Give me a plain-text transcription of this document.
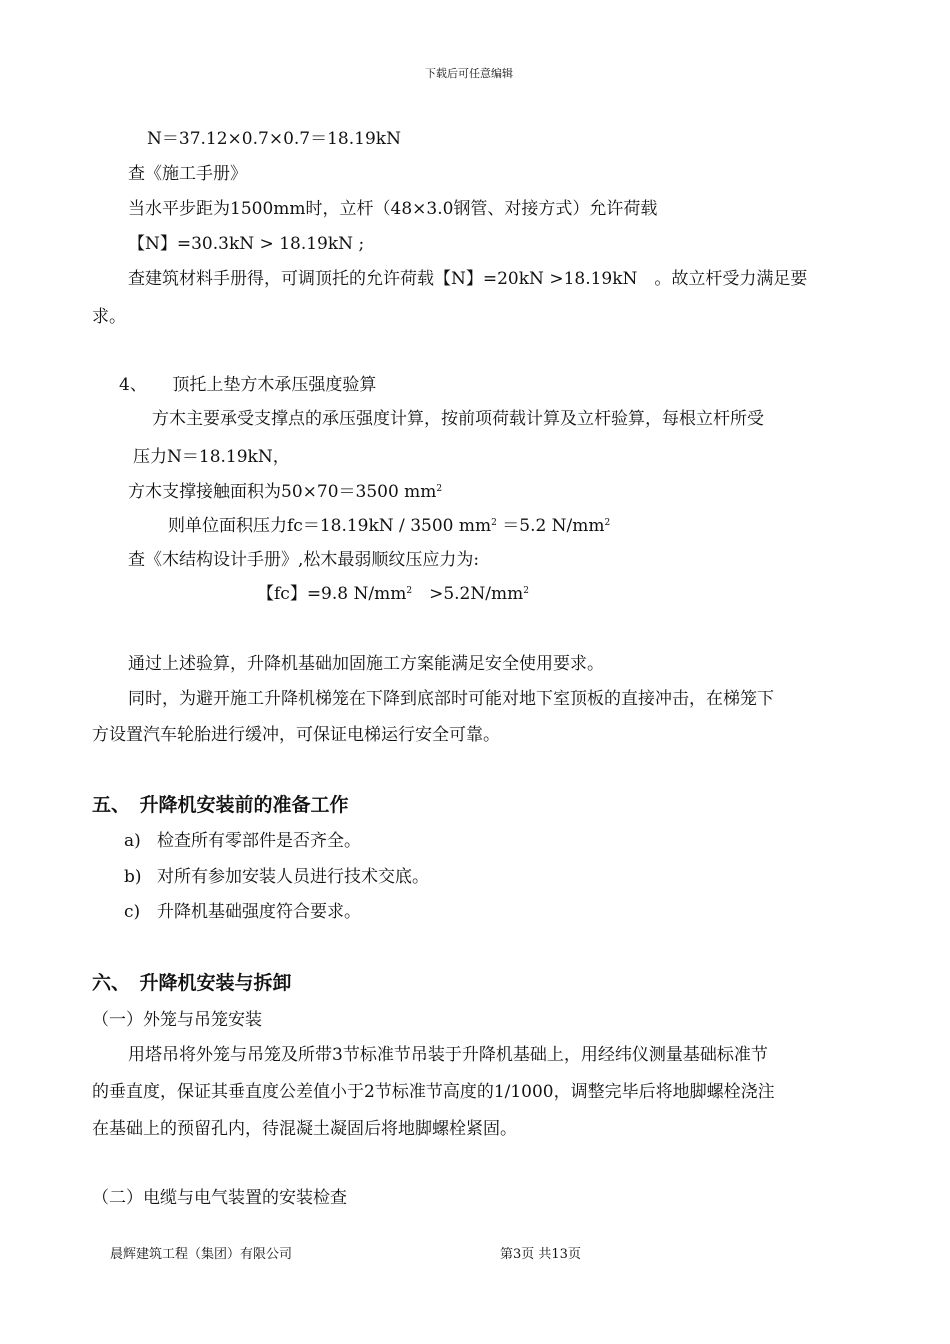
下载后可任意编辑
N＝37.12×0.7×0.7＝18.19kN
查《施工手册》
当水平步距为1500mm时，立杆（48×3.0钢管、对接方式）允许荷载
【N】=30.3kN > 18.19kN ;
查建筑材料手册得，可调顶托的允许荷载【N】=20kN >18.19kN　。故立杆受力满足要
求。
4、　　顶托上垫方木承压强度验算
方木主要承受支撑点的承压强度计算，按前项荷载计算及立杆验算，每根立杆所受
压力N＝18.19kN，
方木支撑接触面积为50×70＝3500 $mm^2$
则单位面积压力fc＝18.19kN / 3500 $mm^2 =5.2$ $N/mm^2$
查《木结构设计手册》,松木最弱顺纹压应力为:
【fc】=9.8 $N/mm^2$　$>5.2N/mm^2$
通过上述验算，升降机基础加固施工方案能满足安全使用要求。
同时，为避开施工升降机梯笼在下降到底部时可能对地下室顶板的直接冲击，在梯笼下
方设置汽车轮胎进行缓冲，可保证电梯运行安全可靠。
五、　升降机安装前的准备工作
a) 检查所有零部件是否齐全。
b) 对所有参加安装人员进行技术交底。
c) 升降机基础强度符合要求。
六、　升降机安装与拆卸
（一）外笼与吊笼安装
用塔吊将外笼与吊笼及所带3节标准节吊装于升降机基础上，用经纬仪测量基础标准节
的垂直度，保证其垂直度公差值小于2节标准节高度的1/1000，调整完毕后将地脚螺栓浇注
在基础上的预留孔内，待混凝土凝固后将地脚螺栓紧固。
（二）电缆与电气装置的安装检查
晨辉建筑工程（集团）有限公司	第3页 共13页
